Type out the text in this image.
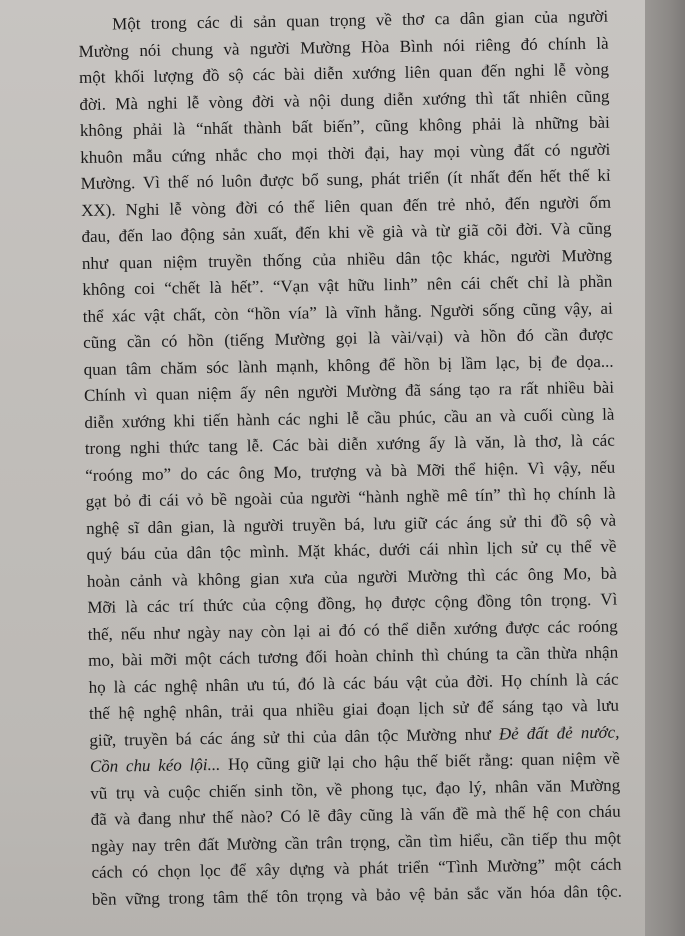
Một trong các di sản quan trọng về thơ ca dân gian của người
Mường nói chung và người Mường Hòa Bình nói riêng đó chính là
một khối lượng đồ sộ các bài diễn xướng liên quan đến nghi lễ vòng
đời. Mà nghi lễ vòng đời và nội dung diễn xướng thì tất nhiên cũng
không phải là “nhất thành bất biến”, cũng không phải là những bài
khuôn mẫu cứng nhắc cho mọi thời đại, hay mọi vùng đất có người
Mường. Vì thế nó luôn được bổ sung, phát triển (ít nhất đến hết thế kỉ
XX). Nghi lễ vòng đời có thể liên quan đến trẻ nhỏ, đến người ốm
đau, đến lao động sản xuất, đến khi về già và từ giã cõi đời. Và cũng
như quan niệm truyền thống của nhiều dân tộc khác, người Mường
không coi “chết là hết”. “Vạn vật hữu linh” nên cái chết chỉ là phần
thể xác vật chất, còn “hồn vía” là vĩnh hằng. Người sống cũng vậy, ai
cũng cần có hồn (tiếng Mường gọi là vài/vại) và hồn đó cần được
quan tâm chăm sóc lành mạnh, không để hồn bị lầm lạc, bị đe dọa...
Chính vì quan niệm ấy nên người Mường đã sáng tạo ra rất nhiều bài
diễn xướng khi tiến hành các nghi lễ cầu phúc, cầu an và cuối cùng là
trong nghi thức tang lễ. Các bài diễn xướng ấy là văn, là thơ, là các
“roóng mo” do các ông Mo, trượng và bà Mỡi thể hiện. Vì vậy, nếu
gạt bỏ đi cái vỏ bề ngoài của người “hành nghề mê tín” thì họ chính là
nghệ sĩ dân gian, là người truyền bá, lưu giữ các áng sử thi đồ sộ và
quý báu của dân tộc mình. Mặt khác, dưới cái nhìn lịch sử cụ thể về
hoàn cảnh và không gian xưa của người Mường thì các ông Mo, bà
Mỡi là các trí thức của cộng đồng, họ được cộng đồng tôn trọng. Vì
thế, nếu như ngày nay còn lại ai đó có thể diễn xướng được các roóng
mo, bài mỡi một cách tương đối hoàn chỉnh thì chúng ta cần thừa nhận
họ là các nghệ nhân ưu tú, đó là các báu vật của đời. Họ chính là các
thế hệ nghệ nhân, trải qua nhiều giai đoạn lịch sử để sáng tạo và lưu
giữ, truyền bá các áng sử thi của dân tộc Mường như Đẻ đất đẻ nước,
Cồn chu kéo lội... Họ cũng giữ lại cho hậu thế biết rằng: quan niệm về
vũ trụ và cuộc chiến sinh tồn, về phong tục, đạo lý, nhân văn Mường
đã và đang như thế nào? Có lẽ đây cũng là vấn đề mà thế hệ con cháu
ngày nay trên đất Mường cần trân trọng, cần tìm hiểu, cần tiếp thu một
cách có chọn lọc để xây dựng và phát triển “Tình Mường” một cách
bền vững trong tâm thế tôn trọng và bảo vệ bản sắc văn hóa dân tộc.
